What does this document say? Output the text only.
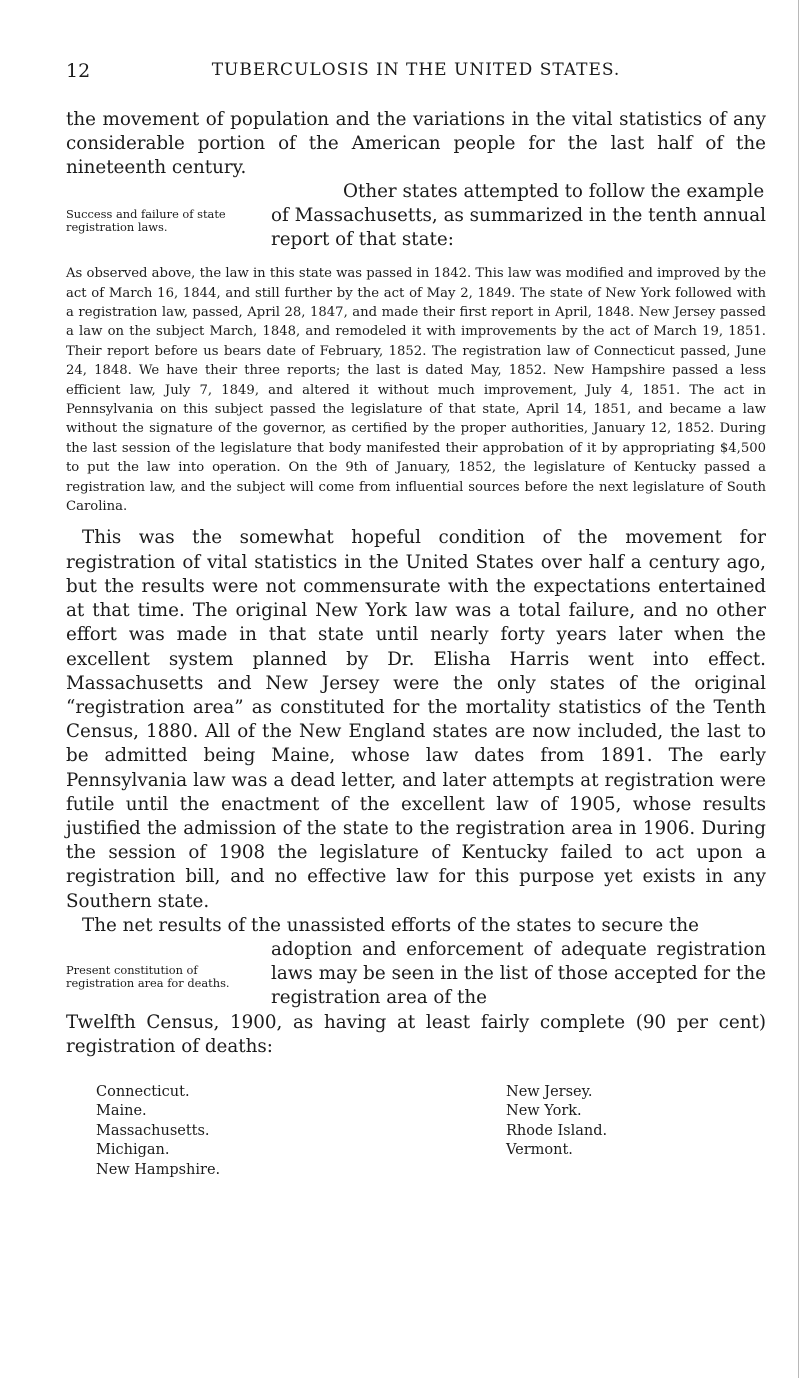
12	TUBERCULOSIS IN THE UNITED STATES.

the movement of population and the variations in the vital statistics of any considerable portion of the American people for the last half of the nineteenth century.

Other states attempted to follow the example

Success and failure of state registration laws.

of Massachusetts, as summarized in the tenth annual report of that state:

As observed above, the law in this state was passed in 1842. This law was modified and improved by the act of March 16, 1844, and still further by the act of May 2, 1849. The state of New York followed with a registration law, passed, April 28, 1847, and made their first report in April, 1848. New Jersey passed a law on the subject March, 1848, and remodeled it with improvements by the act of March 19, 1851. Their report before us bears date of February, 1852. The registration law of Connecticut passed, June 24, 1848. We have their three reports; the last is dated May, 1852. New Hampshire passed a less efficient law, July 7, 1849, and altered it without much improvement, July 4, 1851. The act in Pennsylvania on this subject passed the legislature of that state, April 14, 1851, and became a law without the signature of the governor, as certified by the proper authorities, January 12, 1852. During the last session of the legislature that body manifested their approbation of it by appropriating $4,500 to put the law into operation. On the 9th of January, 1852, the legislature of Kentucky passed a registration law, and the subject will come from influential sources before the next legislature of South Carolina.

This was the somewhat hopeful condition of the movement for registration of vital statistics in the United States over half a century ago, but the results were not commensurate with the expectations entertained at that time. The original New York law was a total failure, and no other effort was made in that state until nearly forty years later when the excellent system planned by Dr. Elisha Harris went into effect. Massachusetts and New Jersey were the only states of the original “registration area” as constituted for the mortality statistics of the Tenth Census, 1880. All of the New England states are now included, the last to be admitted being Maine, whose law dates from 1891. The early Pennsylvania law was a dead letter, and later attempts at registration were futile until the enactment of the excellent law of 1905, whose results justified the admission of the state to the registration area in 1906. During the session of 1908 the legislature of Kentucky failed to act upon a registration bill, and no effective law for this purpose yet exists in any Southern state.

The net results of the unassisted efforts of the states to secure the

Present constitution of registration area for deaths.

adoption and enforcement of adequate registration laws may be seen in the list of those accepted for the registration area of the

Twelfth Census, 1900, as having at least fairly complete (90 per cent) registration of deaths:

Connecticut.
Maine.
Massachusetts.
Michigan.
New Hampshire.
New Jersey.
New York.
Rhode Island.
Vermont.
